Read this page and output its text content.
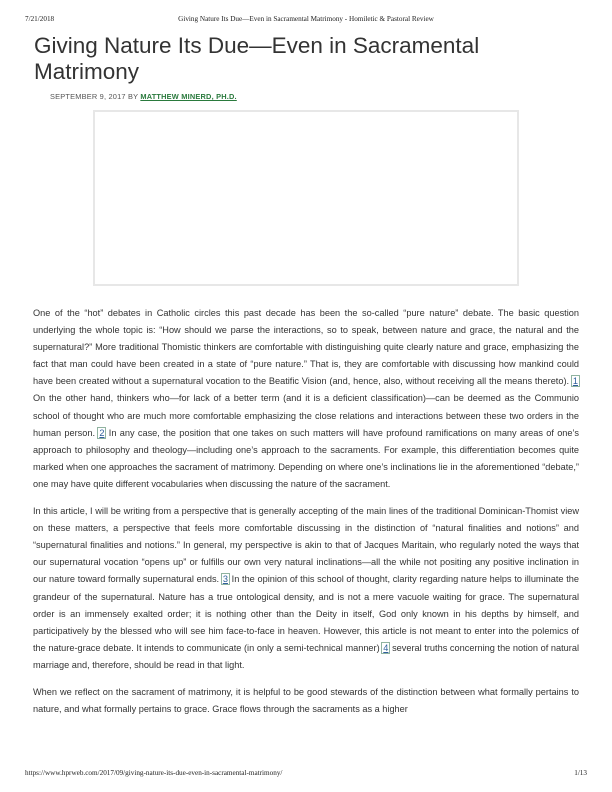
7/21/2018	Giving Nature Its Due—Even in Sacramental Matrimony - Homiletic & Pastoral Review
Giving Nature Its Due—Even in Sacramental Matrimony
SEPTEMBER 9, 2017 BY MATTHEW MINERD, PH.D.

One of the “hot” debates in Catholic circles this past decade has been the so-called “pure nature” debate. The basic question underlying the whole topic is: “How should we parse the interactions, so to speak, between nature and grace, the natural and the supernatural?” More traditional Thomistic thinkers are comfortable with distinguishing quite clearly nature and grace, emphasizing the fact that man could have been created in a state of “pure nature.” That is, they are comfortable with discussing how mankind could have been created without a supernatural vocation to the Beatific Vision (and, hence, also, without receiving all the means thereto). 1 On the other hand, thinkers who—for lack of a better term (and it is a deficient classification)—can be deemed as the Communio school of thought who are much more comfortable emphasizing the close relations and interactions between these two orders in the human person. 2 In any case, the position that one takes on such matters will have profound ramifications on many areas of one’s approach to philosophy and theology—including one’s approach to the sacraments. For example, this differentiation becomes quite marked when one approaches the sacrament of matrimony. Depending on where one’s inclinations lie in the aforementioned “debate,” one may have quite different vocabularies when discussing the nature of the sacrament.

In this article, I will be writing from a perspective that is generally accepting of the main lines of the traditional Dominican-Thomist view on these matters, a perspective that feels more comfortable discussing in the distinction of “natural finalities and notions” and “supernatural finalities and notions.” In general, my perspective is akin to that of Jacques Maritain, who regularly noted the ways that our supernatural vocation “opens up” or fulfills our own very natural inclinations—all the while not positing any positive inclination in our nature toward formally supernatural ends. 3 In the opinion of this school of thought, clarity regarding nature helps to illuminate the grandeur of the supernatural. Nature has a true ontological density, and is not a mere vacuole waiting for grace. The supernatural order is an immensely exalted order; it is nothing other than the Deity in itself, God only known in his depths by himself, and participatively by the blessed who will see him face-to-face in heaven. However, this article is not meant to enter into the polemics of the nature-grace debate. It intends to communicate (in only a semi-technical manner) 4 several truths concerning the notion of natural marriage and, therefore, should be read in that light.

When we reflect on the sacrament of matrimony, it is helpful to be good stewards of the distinction between what formally pertains to nature, and what formally pertains to grace. Grace flows through the sacraments as a higher

https://www.hprweb.com/2017/09/giving-nature-its-due-even-in-sacramental-matrimony/	1/13
